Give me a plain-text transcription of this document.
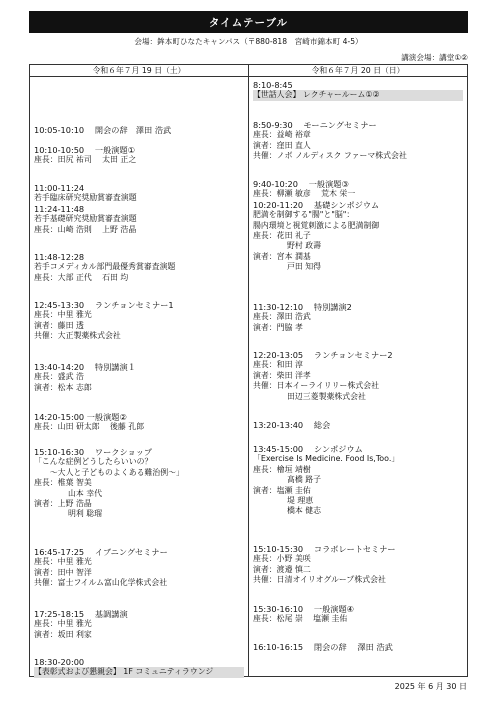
タイムテーブル
会場：鉾本町ひなたキャンパス（〒880-818　宮崎市錦本町 4-5）
講演会場：講堂①②
令和６年７月 19 日（土）	令和６年７月 20 日（日）
10:05-10:10　 開会の辞　澤田 浩武
10:10-10:50　 一般演題①
座長：田尻 祐司　 太田 正之
11:00-11:24
若手臨床研究奨励賞審査演題
11:24-11:48
若手基礎研究奨励賞審査演題
座長：山崎 浩則　 上野 浩晶
11:48-12:28
若手コメディカル部門最優秀賞審査演題
座長：大部 正代　 石田 均
12:45-13:30　 ランチョンセミナー1
座長：中里 雅光
演者：藤田 透
共催：大正製薬株式会社
13:40-14:20　 特別講演１
座長：盛武 浩
演者：松本 志郎
14:20-15:00 一般演題②
座長：山田 研太郎　 後藤 孔郎
15:10-16:30　 ワークショップ
「こんな症例どうしたらいいの？
　　～大人と子どものよくある難治例～」
座長：椎葉 智美
山本 幸代
演者：上野 浩晶
明利 聡瑠
16:45-17:25　 イブニングセミナー
座長：中里 雅光
演者：田中 智洋
共催：富士フイルム富山化学株式会社
17:25-18:15　 基調講演
座長：中里 雅光
演者：坂田 利家
18:30-20:00
【表彰式および懇親会】 1F コミュニティラウンジ
8:10-8:45
【世話人会】 レクチャールーム①②
8:50-9:30　 モーニングセミナー
座長：益崎 裕章
演者：窪田 直人
共催：ノボ ノルディスク ファーマ株式会社
9:40-10:20　 一般演題③
座長：柳瀬 敏彦　 荒木 栄一
10:20-11:20　 基礎シンポジウム
肥満を制御する"腸"と"脳"：
腸内環境と視覚刺激による肥満制御
座長：花田 礼子
野村 政壽
演者：宮本 潤基
戸田 知得
11:30-12:10　 特別講演2
座長：澤田 浩武
演者：門脇 孝
12:20-13:05　 ランチョンセミナー2
座長：和田 淳
演者：柴田 洋孝
共催：日本イーライリリー株式会社
田辺三菱製薬株式会社
13:20-13:40　 総会
13:45-15:00　 シンポジウム
「Exercise Is Medicine. Food Is,Too.」
座長：檜垣 靖樹
髙橋 路子
演者：塩瀬 圭佑
堤 理恵
橋本 健志
15:10-15:30　 コラボレートセミナー
座長：小野 美咲
演者：渡邉 慎二
共催：日清オイリオグループ株式会社
15:30-16:10　 一般演題④
座長：松尾 崇　 塩瀬 圭佑
16:10-16:15　 閉会の辞　 澤田 浩武
2025 年 6 月 30 日
